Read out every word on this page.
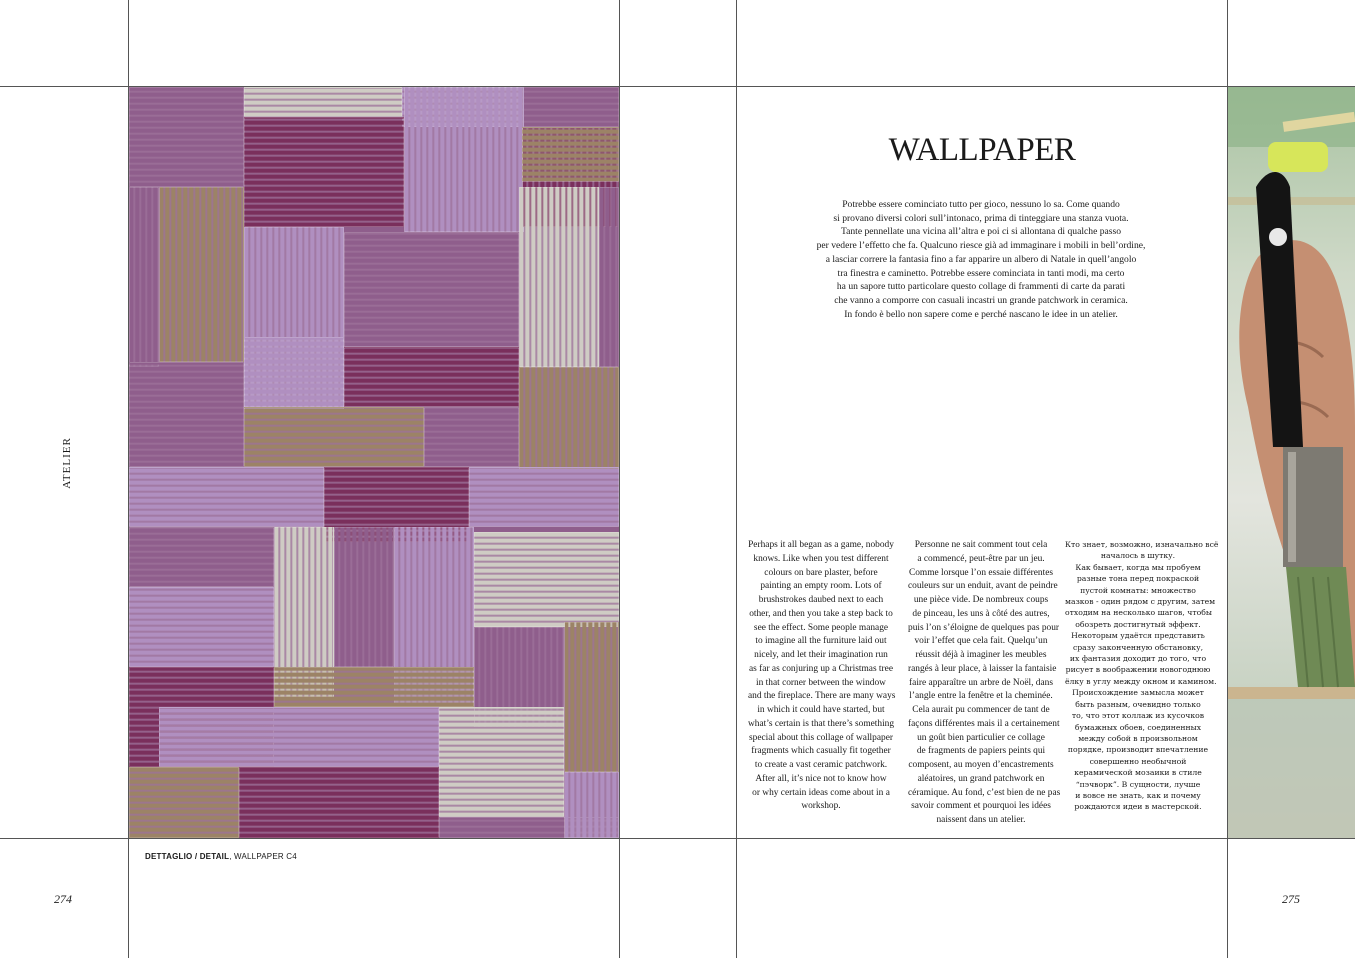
ATELIER
DETTAGLIO / DETAIL, WALLPAPER C4
274
WALLPAPER
Potrebbe essere cominciato tutto per gioco, nessuno lo sa. Come quando
si provano diversi colori sull’intonaco, prima di tinteggiare una stanza vuota.
Tante pennellate una vicina all’altra e poi ci si allontana di qualche passo
per vedere l’effetto che fa. Qualcuno riesce già ad immaginare i mobili in bell’ordine,
a lasciar correre la fantasia fino a far apparire un albero di Natale in quell’angolo
tra finestra e caminetto. Potrebbe essere cominciata in tanti modi, ma certo
ha un sapore tutto particolare questo collage di frammenti di carte da parati
che vanno a comporre con casuali incastri un grande patchwork in ceramica.
In fondo è bello non sapere come e perché nascano le idee in un atelier.
Perhaps it all began as a game, nobody
knows. Like when you test different
colours on bare plaster, before
painting an empty room. Lots of
brushstrokes daubed next to each
other, and then you take a step back to
see the effect. Some people manage
to imagine all the furniture laid out
nicely, and let their imagination run
as far as conjuring up a Christmas tree
in that corner between the window
and the fireplace. There are many ways
in which it could have started, but
what’s certain is that there’s something
special about this collage of wallpaper
fragments which casually fit together
to create a vast ceramic patchwork.
After all, it’s nice not to know how
or why certain ideas come about in a
workshop.
Personne ne sait comment tout cela
a commencé, peut-être par un jeu.
Comme lorsque l’on essaie différentes
couleurs sur un enduit, avant de peindre
une pièce vide. De nombreux coups
de pinceau, les uns à côté des autres,
puis l’on s’éloigne de quelques pas pour
voir l’effet que cela fait. Quelqu’un
réussit déjà à imaginer les meubles
rangés à leur place, à laisser la fantaisie
faire apparaître un arbre de Noël, dans
l’angle entre la fenêtre et la cheminée.
Cela aurait pu commencer de tant de
façons différentes mais il a certainement
un goût bien particulier ce collage
de fragments de papiers peints qui
composent, au moyen d’encastrements
aléatoires, un grand patchwork en
céramique. Au fond, c’est bien de ne pas
savoir comment et pourquoi les idées
naissent dans un atelier.
Кто знает, возможно, изначально всё
началось в шутку.
Как бывает, когда мы пробуем
разные тона перед покраской
пустой комнаты: множество
мазков - один рядом с другим, затем
отходим на несколько шагов, чтобы
обозреть достигнутый эффект.
Некоторым удаётся представить
сразу законченную обстановку,
их фантазия доходит до того, что
рисует в воображении новогоднюю
ёлку в углу между окном и камином.
Происхождение замысла может
быть разным, очевидно только
то, что этот коллаж из кусочков
бумажных обоев, соединенных
между собой в произвольном
порядке, производит впечатление
совершенно необычной
керамической мозаики в стиле
“пэчворк”. В сущности, лучше
и вовсе не знать, как и почему
рождаются идеи в мастерской.
275
